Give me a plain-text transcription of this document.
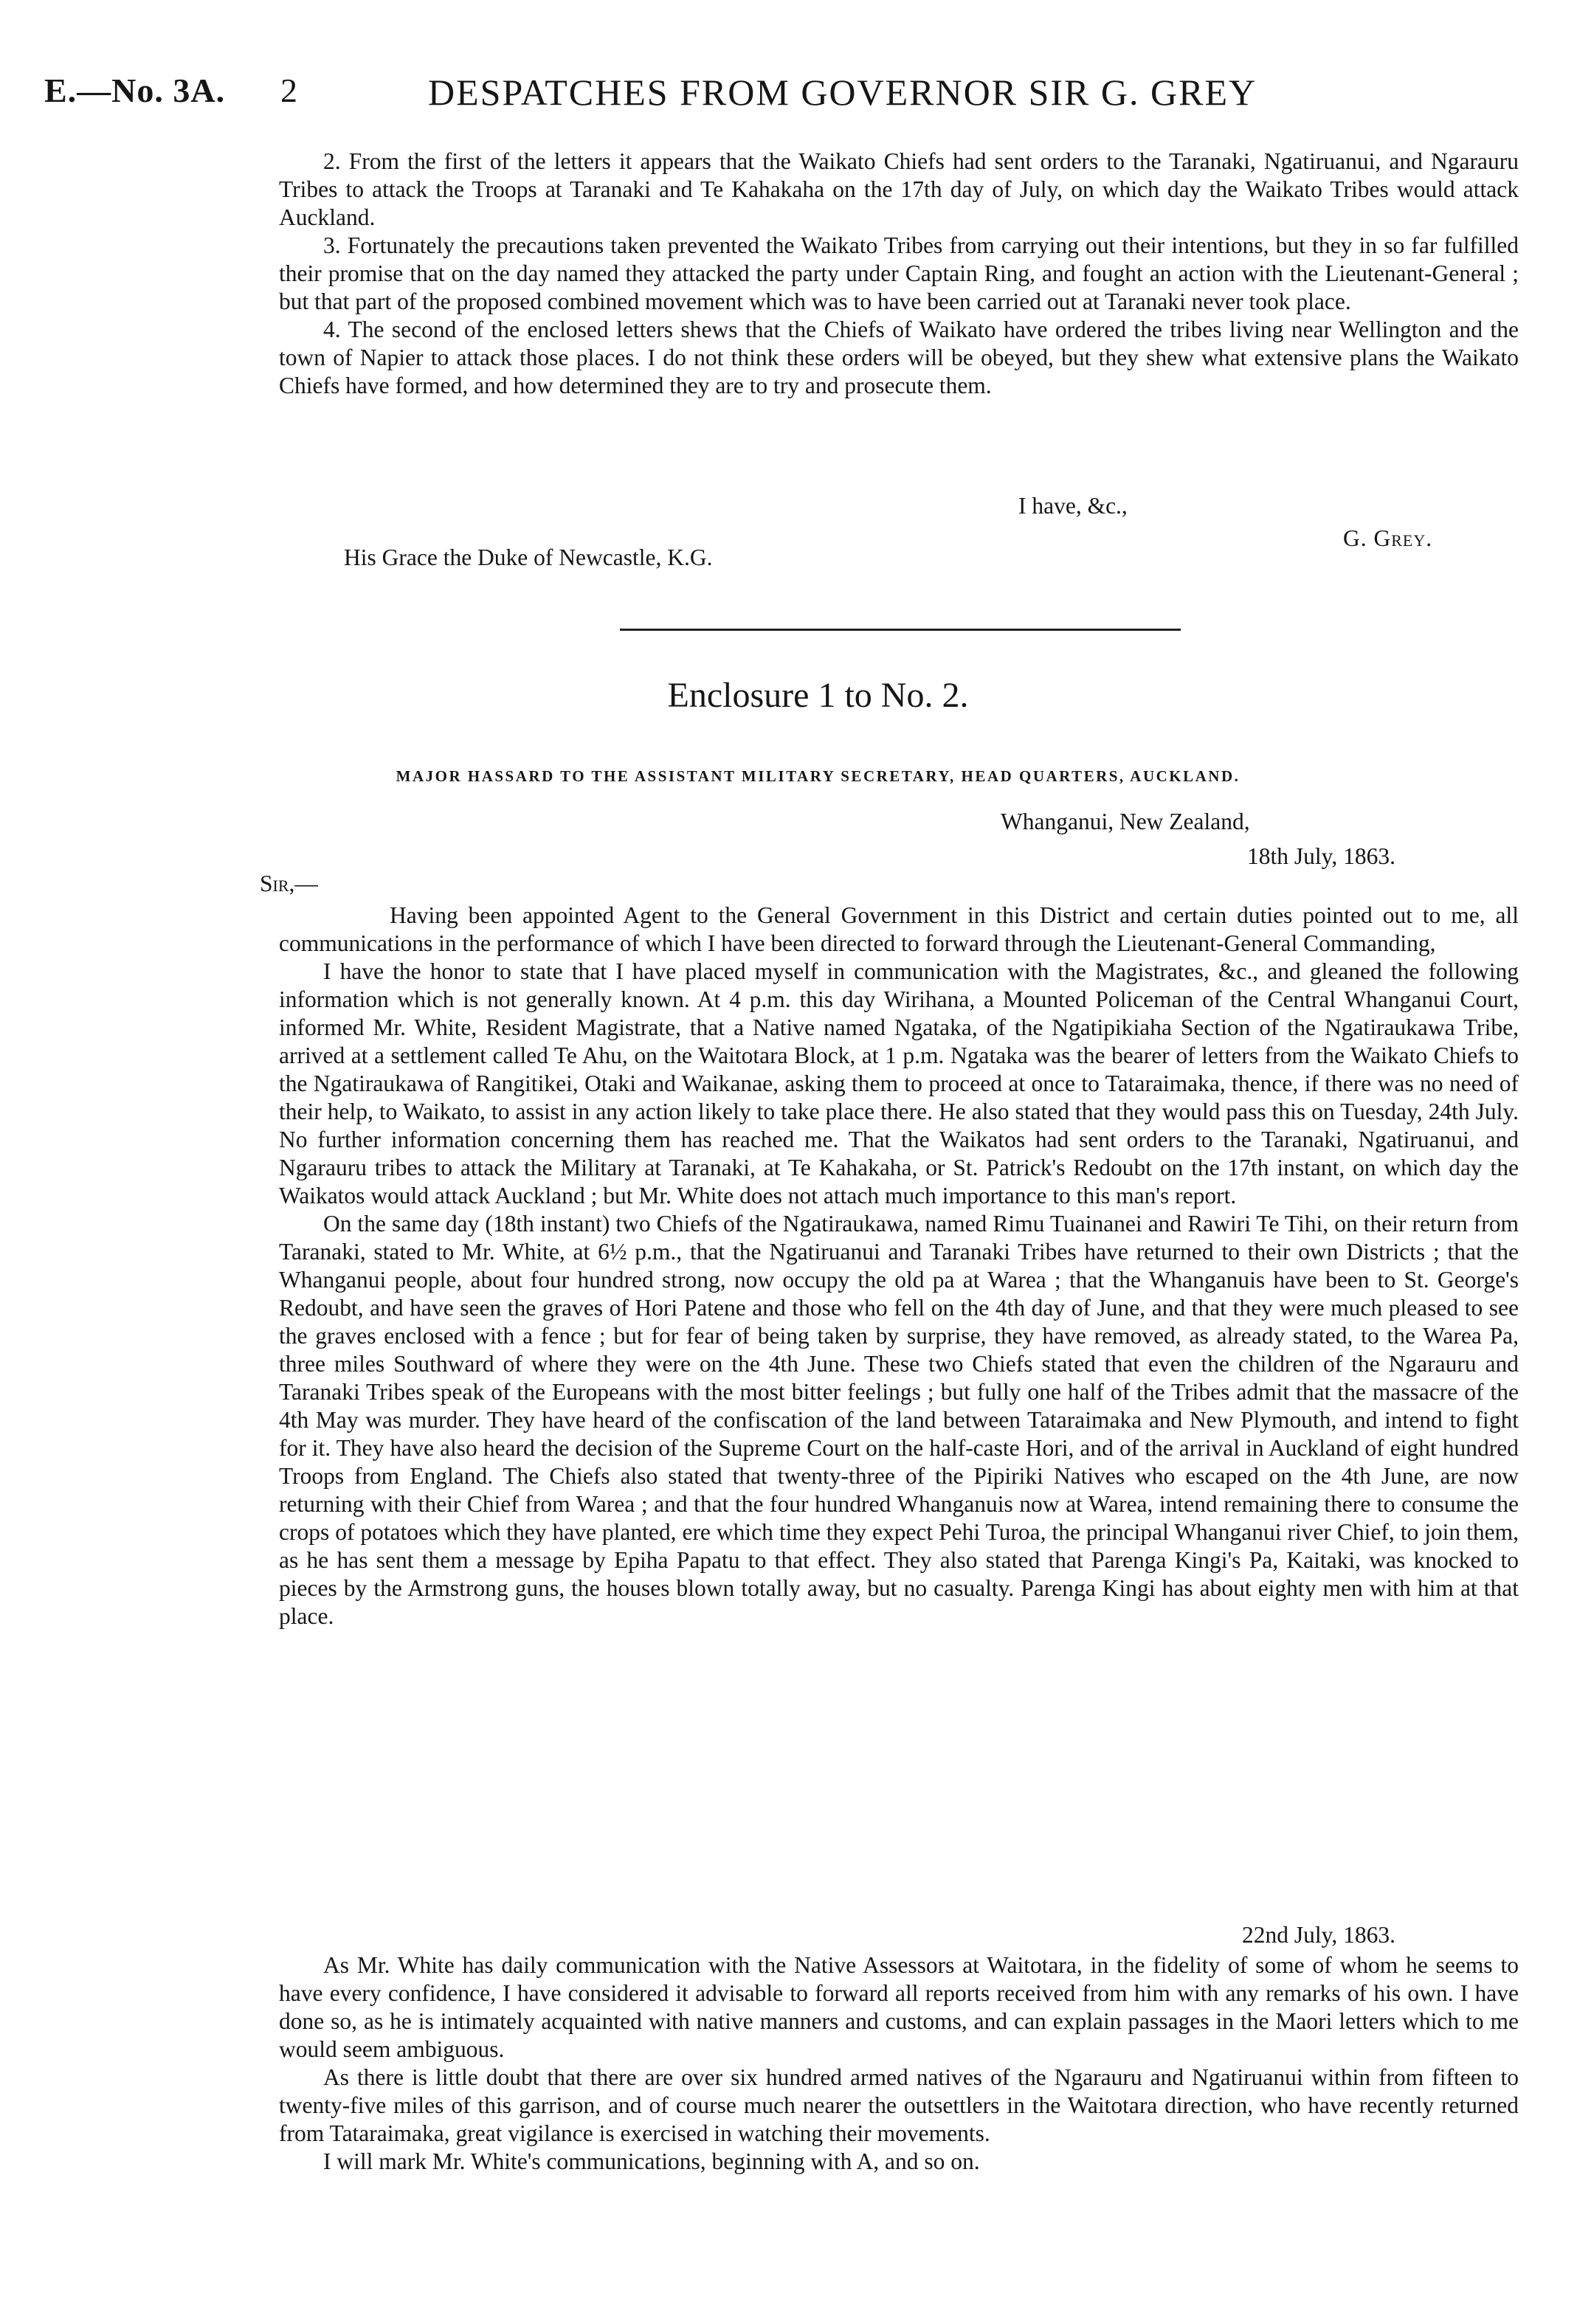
E.—No. 3A. 2	DESPATCHES FROM GOVERNOR SIR G. GREY

2. From the first of the letters it appears that the Waikato Chiefs had sent orders to the Taranaki, Ngatiruanui, and Ngarauru Tribes to attack the Troops at Taranaki and Te Kahakaha on the 17th day of July, on which day the Waikato Tribes would attack Auckland.

3. Fortunately the precautions taken prevented the Waikato Tribes from carrying out their intentions, but they in so far fulfilled their promise that on the day named they attacked the party under Captain Ring, and fought an action with the Lieutenant-General ; but that part of the proposed combined movement which was to have been carried out at Taranaki never took place.

4. The second of the enclosed letters shews that the Chiefs of Waikato have ordered the tribes living near Wellington and the town of Napier to attack those places. I do not think these orders will be obeyed, but they shew what extensive plans the Waikato Chiefs have formed, and how determined they are to try and prosecute them.

I have, &c.,
G. Grey.
His Grace the Duke of Newcastle, K.G.
Enclosure 1 to No. 2.
MAJOR HASSARD TO THE ASSISTANT MILITARY SECRETARY, HEAD QUARTERS, AUCKLAND.
Whanganui, New Zealand,
18th July, 1863.
Sir,—

Having been appointed Agent to the General Government in this District and certain duties pointed out to me, all communications in the performance of which I have been directed to forward through the Lieutenant-General Commanding,

I have the honor to state that I have placed myself in communication with the Magistrates, &c., and gleaned the following information which is not generally known. At 4 p.m. this day Wirihana, a Mounted Policeman of the Central Whanganui Court, informed Mr. White, Resident Magistrate, that a Native named Ngataka, of the Ngatipikiaha Section of the Ngatiraukawa Tribe, arrived at a settlement called Te Ahu, on the Waitotara Block, at 1 p.m. Ngataka was the bearer of letters from the Waikato Chiefs to the Ngatiraukawa of Rangitikei, Otaki and Waikanae, asking them to proceed at once to Tataraimaka, thence, if there was no need of their help, to Waikato, to assist in any action likely to take place there. He also stated that they would pass this on Tuesday, 24th July. No further information concerning them has reached me. That the Waikatos had sent orders to the Taranaki, Ngatiruanui, and Ngarauru tribes to attack the Military at Taranaki, at Te Kahakaha, or St. Patrick's Redoubt on the 17th instant, on which day the Waikatos would attack Auckland ; but Mr. White does not attach much importance to this man's report.

On the same day (18th instant) two Chiefs of the Ngatiraukawa, named Rimu Tuainanei and Rawiri Te Tihi, on their return from Taranaki, stated to Mr. White, at 6½ p.m., that the Ngatiruanui and Taranaki Tribes have returned to their own Districts ; that the Whanganui people, about four hundred strong, now occupy the old pa at Warea ; that the Whanganuis have been to St. George's Redoubt, and have seen the graves of Hori Patene and those who fell on the 4th day of June, and that they were much pleased to see the graves enclosed with a fence ; but for fear of being taken by surprise, they have removed, as already stated, to the Warea Pa, three miles Southward of where they were on the 4th June. These two Chiefs stated that even the children of the Ngarauru and Taranaki Tribes speak of the Europeans with the most bitter feelings ; but fully one half of the Tribes admit that the massacre of the 4th May was murder. They have heard of the confiscation of the land between Tataraimaka and New Plymouth, and intend to fight for it. They have also heard the decision of the Supreme Court on the half-caste Hori, and of the arrival in Auckland of eight hundred Troops from England. The Chiefs also stated that twenty-three of the Pipiriki Natives who escaped on the 4th June, are now returning with their Chief from Warea ; and that the four hundred Whanganuis now at Warea, intend remaining there to consume the crops of potatoes which they have planted, ere which time they expect Pehi Turoa, the principal Whanganui river Chief, to join them, as he has sent them a message by Epiha Papatu to that effect. They also stated that Parenga Kingi's Pa, Kaitaki, was knocked to pieces by the Armstrong guns, the houses blown totally away, but no casualty. Parenga Kingi has about eighty men with him at that place.

22nd July, 1863.

As Mr. White has daily communication with the Native Assessors at Waitotara, in the fidelity of some of whom he seems to have every confidence, I have considered it advisable to forward all reports received from him with any remarks of his own. I have done so, as he is intimately acquainted with native manners and customs, and can explain passages in the Maori letters which to me would seem ambiguous.

As there is little doubt that there are over six hundred armed natives of the Ngarauru and Ngatiruanui within from fifteen to twenty-five miles of this garrison, and of course much nearer the outsettlers in the Waitotara direction, who have recently returned from Tataraimaka, great vigilance is exercised in watching their movements.

I will mark Mr. White's communications, beginning with A, and so on.
